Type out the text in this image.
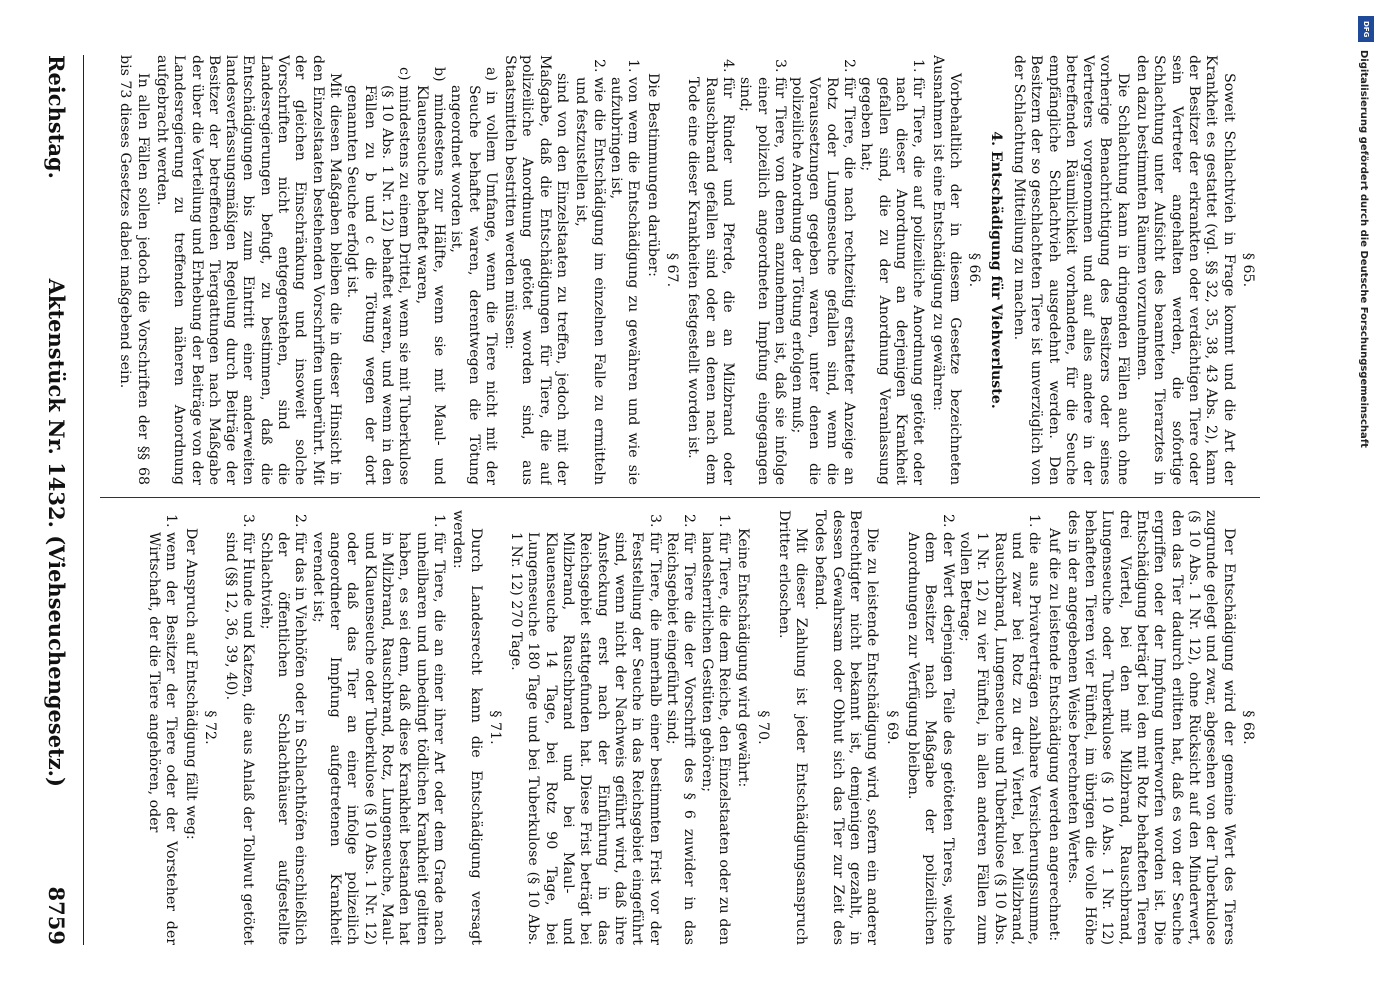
DFG
Digitalisierung gefördert durch die Deutsche Forschungsgemeinschaft
Reichstag.
Aktenstück Nr. 1432. (Viehseuchengesetz.)
8759
§ 65.

Soweit Schlachtvieh in Frage kommt und die Art der Krankheit es gestattet (vgl. §§ 32, 35, 38, 43 Abs. 2), kann der Besitzer der erkrankten oder verdächtigen Tiere oder sein Vertreter angehalten werden, die sofortige Schlachtung unter Aufsicht des beamteten Tierarztes in den dazu bestimmten Räumen vorzunehmen.

Die Schlachtung kann in dringenden Fällen auch ohne vorherige Benachrichtigung des Besitzers oder seines Vertreters vorgenommen und auf alles andere in der betreffenden Räumlichkeit vorhandene, für die Seuche empfängliche Schlachtvieh ausgedehnt werden. Den Besitzern der so geschlachteten Tiere ist unverzüglich von der Schlachtung Mitteilung zu machen.

4. Entschädigung für Viehverluste.
§ 66.

Vorbehaltlich der in diesem Gesetze bezeichneten Ausnahmen ist eine Entschädigung zu gewähren:

1. für Tiere, die auf polizeiliche Anordnung getötet oder nach dieser Anordnung an derjenigen Krankheit gefallen sind, die zu der Anordnung Veranlassung gegeben hat;
2. für Tiere, die nach rechtzeitig erstatteter Anzeige an Rotz oder Lungenseuche gefallen sind, wenn die Voraussetzungen gegeben waren, unter denen die polizeiliche Anordnung der Tötung erfolgen muß;
3. für Tiere, von denen anzunehmen ist, daß sie infolge einer polizeilich angeordneten Impfung eingegangen sind;
4. für Rinder und Pferde, die an Milzbrand oder Rauschbrand gefallen sind oder an denen nach dem Tode eine dieser Krankheiten festgestellt worden ist.
§ 67.

Die Bestimmungen darüber:

1. von wem die Entschädigung zu gewähren und wie sie aufzubringen ist,
2. wie die Entschädigung im einzelnen Falle zu ermitteln und festzustellen ist,

sind von den Einzelstaaten zu treffen, jedoch mit der Maßgabe, daß die Entschädigungen für Tiere, die auf polizeiliche Anordnung getötet worden sind, aus Staatsmitteln bestritten werden müssen:

a) in vollem Umfange, wenn die Tiere nicht mit der Seuche behaftet waren, derentwegen die Tötung angeordnet worden ist,

b) mindestens zur Hälfte, wenn sie mit Maul- und Klauenseuche behaftet waren,

c) mindestens zu einem Drittel, wenn sie mit Tuberkulose (§ 10 Abs. 1 Nr. 12) behaftet waren, und wenn in den Fällen zu b und c die Tötung wegen der dort genannten Seuche erfolgt ist.

Mit diesen Maßgaben bleiben die in dieser Hinsicht in den Einzelstaaten bestehenden Vorschriften unberührt. Mit der gleichen Einschränkung und insoweit solche Vorschriften nicht entgegenstehen, sind die Landesregierungen befugt, zu bestimmen, daß die Entschädigungen bis zum Eintritt einer anderweiten landesverfassungsmäßigen Regelung durch Beiträge der Besitzer der betreffenden Tiergattungen nach Maßgabe der über die Verteilung und Erhebung der Beiträge von der Landesregierung zu treffenden näheren Anordnung aufgebracht werden.

In allen Fällen sollen jedoch die Vorschriften der §§ 68 bis 73 dieses Gesetzes dabei maßgebend sein.

§ 68.

Der Entschädigung wird der gemeine Wert des Tieres zugrunde gelegt und zwar, abgesehen von der Tuberkulose (§ 10 Abs. 1 Nr. 12), ohne Rücksicht auf den Minderwert, den das Tier dadurch erlitten hat, daß es von der Seuche ergriffen oder der Impfung unterworfen worden ist. Die Entschädigung beträgt bei den mit Rotz behafteten Tieren drei Viertel, bei den mit Milzbrand, Rauschbrand, Lungenseuche oder Tuberkulose (§ 10 Abs. 1 Nr. 12) behafteten Tieren vier Fünftel, im übrigen die volle Höhe des in der angegebenen Weise berechneten Wertes.

Auf die zu leistende Entschädigung werden angerechnet:

1. die aus Privatverträgen zahlbare Versicherungssumme, und zwar bei Rotz zu drei Viertel, bei Milzbrand, Rauschbrand, Lungenseuche und Tuberkulose (§ 10 Abs. 1 Nr. 12) zu vier Fünftel, in allen anderen Fällen zum vollen Betrage;
2. der Wert derjenigen Teile des getöteten Tieres, welche dem Besitzer nach Maßgabe der polizeilichen Anordnungen zur Verfügung bleiben.
§ 69.

Die zu leistende Entschädigung wird, sofern ein anderer Berechtigter nicht bekannt ist, demjenigen gezahlt, in dessen Gewahrsam oder Obhut sich das Tier zur Zeit des Todes befand.

Mit dieser Zahlung ist jeder Entschädigungsanspruch Dritter erloschen.

§ 70.

Keine Entschädigung wird gewährt:

1. für Tiere, die dem Reiche, den Einzelstaaten oder zu den landesherrlichen Gestüten gehören;
2. für Tiere die der Vorschrift des § 6 zuwider in das Reichsgebiet eingeführt sind;
3. für Tiere, die innerhalb einer bestimmten Frist vor der Feststellung der Seuche in das Reichsgebiet eingeführt sind, wenn nicht der Nachweis geführt wird, daß ihre Ansteckung erst nach der Einführung in das Reichsgebiet stattgefunden hat. Diese Frist beträgt bei Milzbrand, Rauschbrand und bei Maul- und Klauenseuche 14 Tage, bei Rotz 90 Tage, bei Lungenseuche 180 Tage und bei Tuberkulose (§ 10 Abs. 1 Nr. 12) 270 Tage.
§ 71.

Durch Landesrecht kann die Entschädigung versagt werden:

1. für Tiere, die an einer ihrer Art oder dem Grade nach unheilbaren und unbedingt tödlichen Krankheit gelitten haben, es sei denn, daß diese Krankheit bestanden hat in Milzbrand, Rauschbrand, Rotz, Lungenseuche, Maul- und Klauenseuche oder Tuberkulose (§ 10 Abs. 1 Nr. 12) oder daß das Tier an einer infolge polizeilich angeordneter Impfung aufgetretenen Krankheit verendet ist;
2. für das in Viehhöfen oder in Schlachthöfen einschließlich der öffentlichen Schlachthäuser aufgestellte Schlachtvieh;
3. für Hunde und Katzen, die aus Anlaß der Tollwut getötet sind (§§ 12, 36, 39, 40).
§ 72.

Der Anspruch auf Entschädigung fällt weg:

1. wenn der Besitzer der Tiere oder der Vorsteher der Wirtschaft, der die Tiere angehören, oder
